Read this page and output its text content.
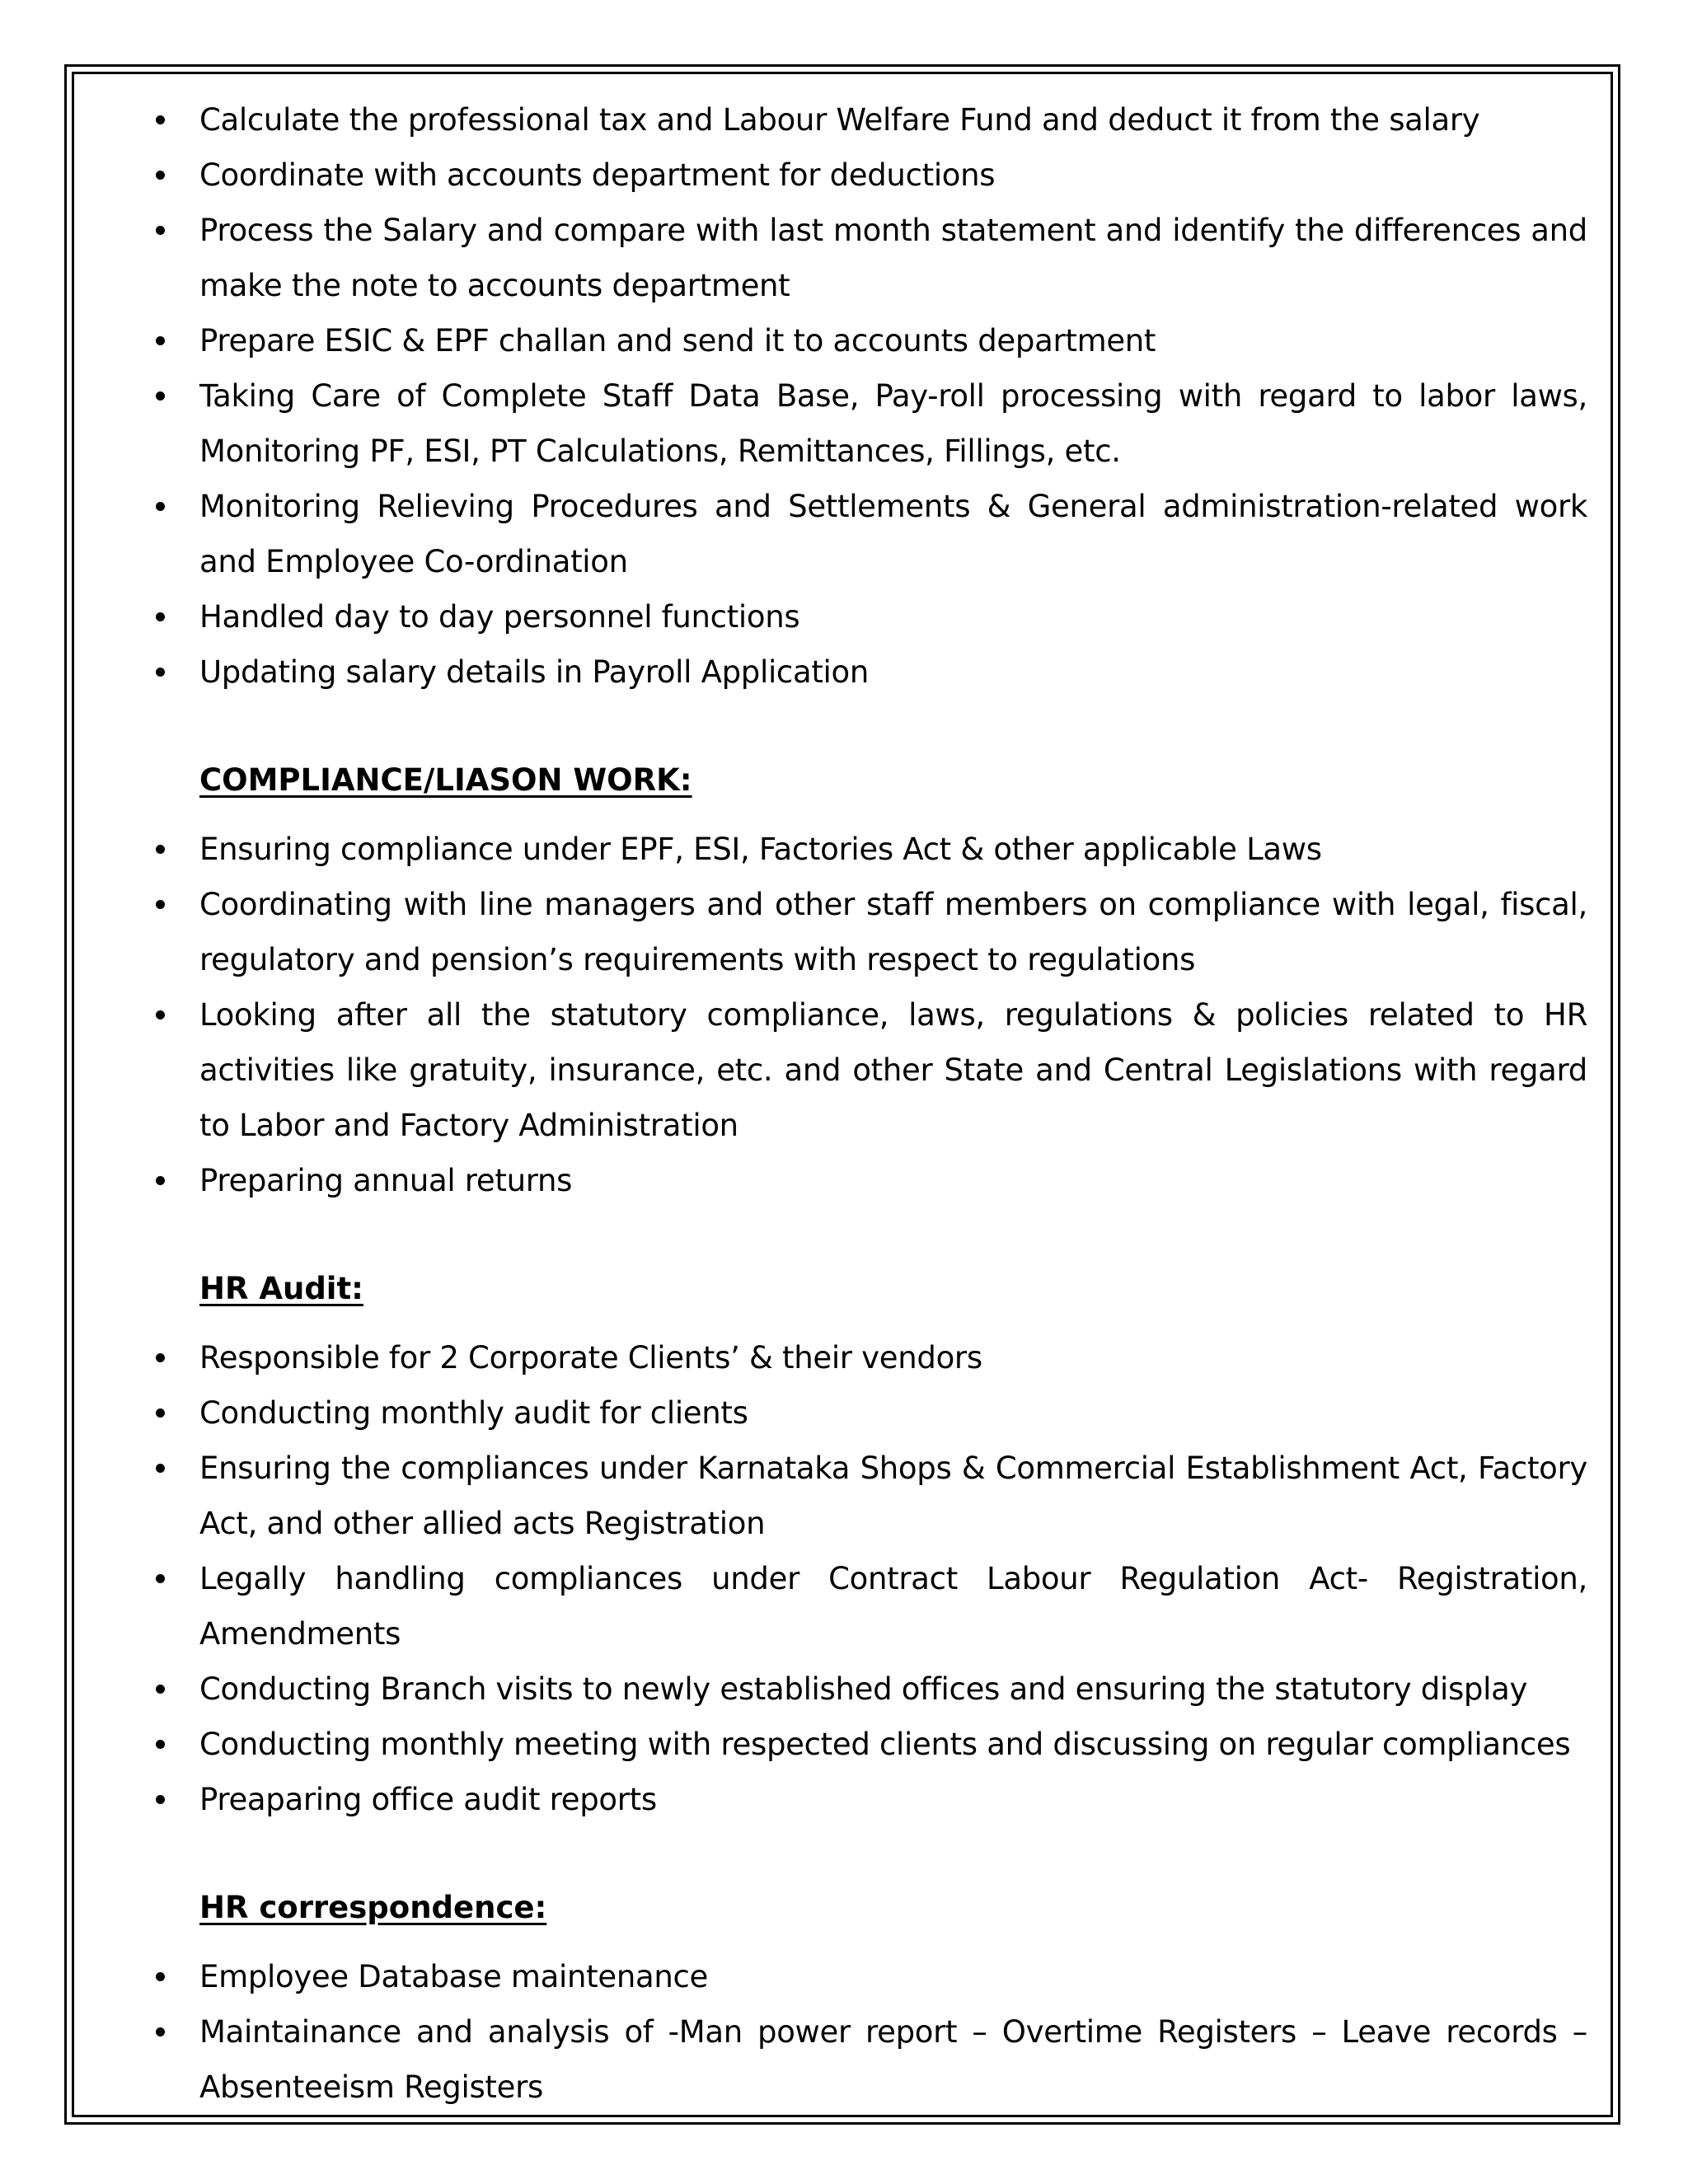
Calculate the professional tax and Labour Welfare Fund and deduct it from the salary
Coordinate with accounts department for deductions
Process the Salary and compare with last month statement and identify the differences and make the note to accounts department
Prepare ESIC & EPF challan and send it to accounts department
Taking Care of Complete Staff Data Base, Pay-roll processing with regard to labor laws, Monitoring PF, ESI, PT Calculations, Remittances, Fillings, etc.
Monitoring Relieving Procedures and Settlements & General administration-related work and Employee Co-ordination
Handled day to day personnel functions
Updating salary details in Payroll Application
COMPLIANCE/LIASON WORK:
Ensuring compliance under EPF, ESI, Factories Act & other applicable Laws
Coordinating with line managers and other staff members on compliance with legal, fiscal, regulatory and pension’s requirements with respect to regulations
Looking after all the statutory compliance, laws, regulations & policies related to HR activities like gratuity, insurance, etc. and other State and Central Legislations with regard to Labor and Factory Administration
Preparing annual returns
HR Audit:
Responsible for 2 Corporate Clients’ & their vendors
Conducting monthly audit for clients
Ensuring the compliances under Karnataka Shops & Commercial Establishment Act, Factory Act, and other allied acts Registration
Legally handling compliances under Contract Labour Regulation Act- Registration, Amendments
Conducting Branch visits to newly established offices and ensuring the statutory display
Conducting monthly meeting with respected clients and discussing on regular compliances
Preaparing office audit reports
HR correspondence:
Employee Database maintenance
Maintainance and analysis of -Man power report – Overtime Registers – Leave records – Absenteeism Registers
